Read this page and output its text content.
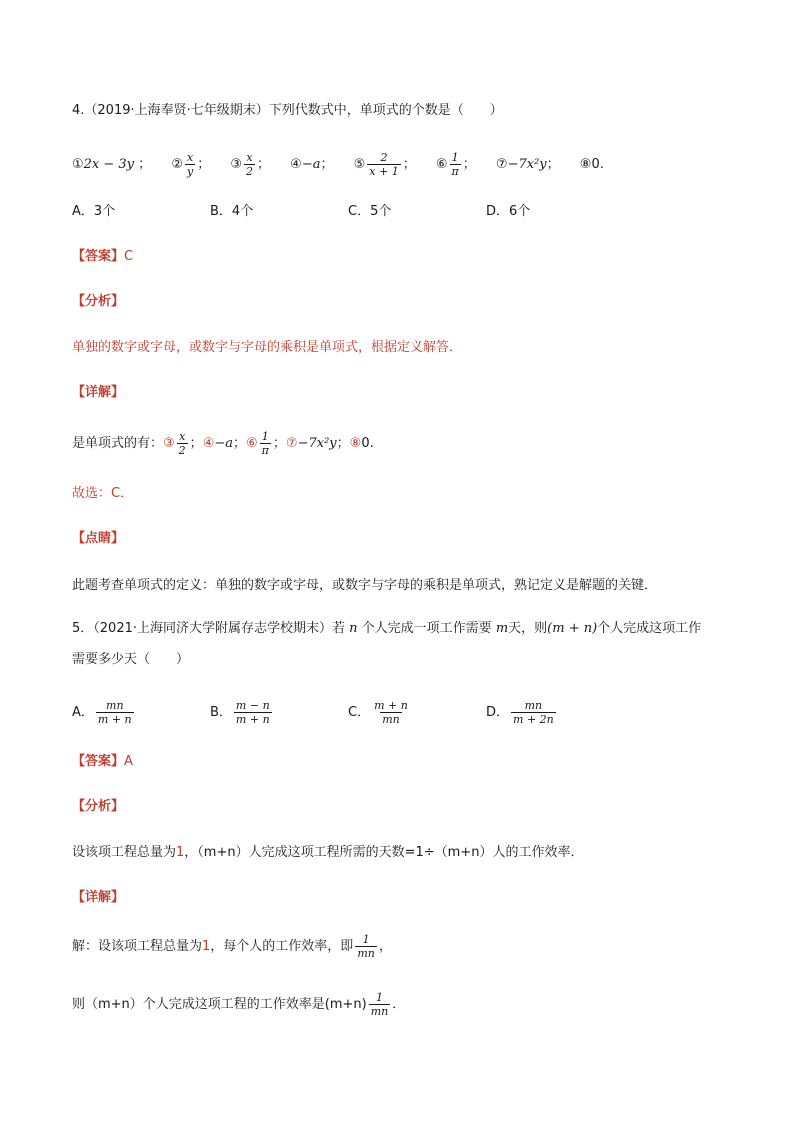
4.（2019·上海奉贤·七年级期末）下列代数式中，单项式的个数是（　　）
①2x − 3y ； ② $\frac{x}{y}$ ； ③ $\frac{x}{2}$ ； ④−a； ⑤ $\frac{2}{x + 1}$ ； ⑥ $\frac{1}{\pi}$ ； ⑦−7x²y； ⑧0.
A．3个	B．4个	C．5个	D．6个
【答案】C
【分析】
单独的数字或字母，或数字与字母的乘积是单项式，根据定义解答．
【详解】
是单项式的有：③ $\frac{x}{2}$ ；④−a；⑥ $\frac{1}{\pi}$ ；⑦−7x²y；⑧0.
故选：C．
【点睛】
此题考查单项式的定义：单独的数字或字母，或数字与字母的乘积是单项式，熟记定义是解题的关键．
5．（2021·上海同济大学附属存志学校期末）若 n 个人完成一项工作需要 m天，则(m + n)个人完成这项工作
需要多少天（　　）
A． $\frac{mn}{m + n}$	B． $\frac{m - n}{m + n}$	C． $\frac{m + n}{mn}$	D． $\frac{mn}{m + 2n}$
【答案】A
【分析】
设该项工程总量为1，（m+n）人完成这项工程所需的天数=1÷（m+n）人的工作效率．
【详解】
解：设该项工程总量为1，每个人的工作效率，即 $\frac{1}{mn}$ ，
则（m+n）个人完成这项工程的工作效率是$(m+n) \frac{1}{mn}$ ．
